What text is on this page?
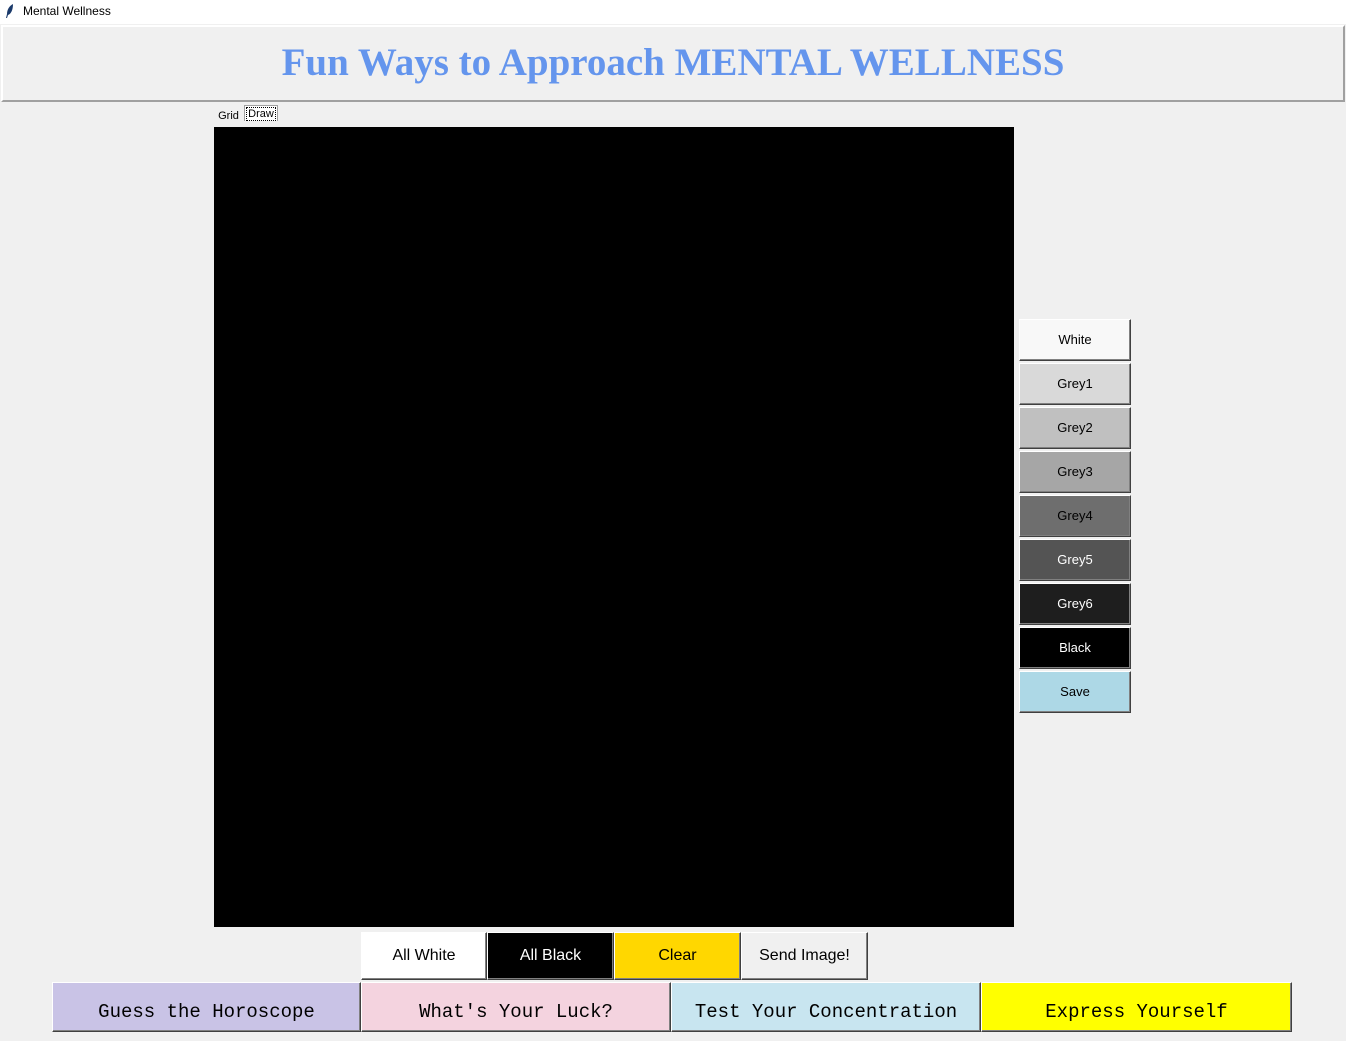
Mental Wellness
Fun Ways to Approach MENTAL WELLNESS
Grid Draw
White
Grey1
Grey2
Grey3
Grey4
Grey5
Grey6
Black
Save
All White	All Black	Clear	Send Image!
Guess the Horoscope	What's Your Luck?	Test Your Concentration	Express Yourself
